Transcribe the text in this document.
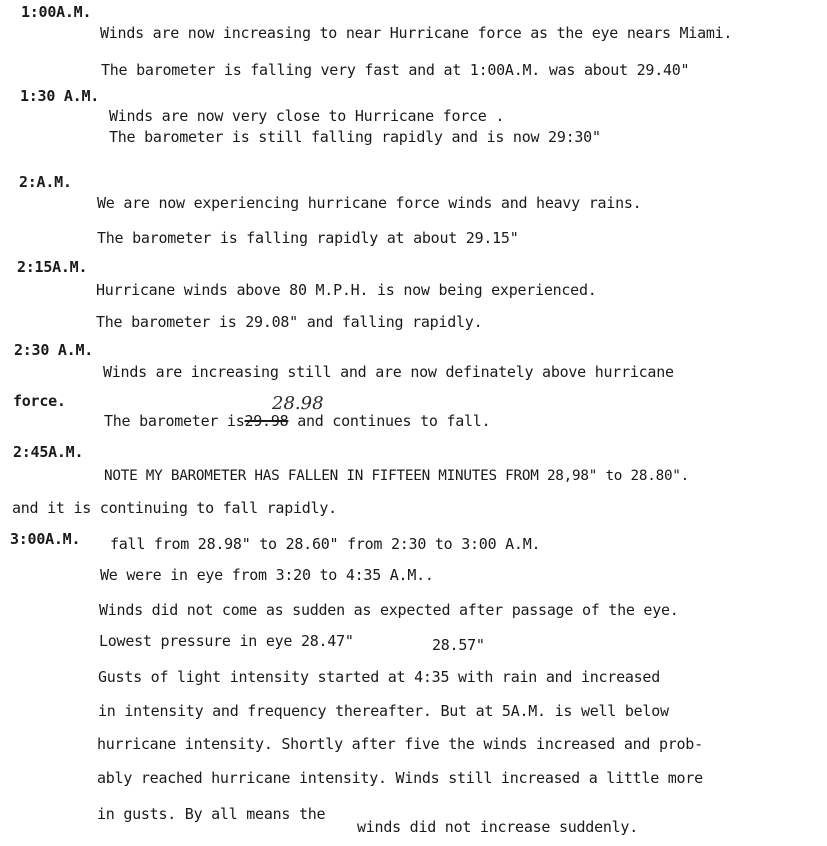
1:00A.M.
Winds are now increasing to near Hurricane force as the eye nears Miami.
The barometer is falling very fast and at 1:00A.M. was about 29.40"
1:30 A.M.
Winds are now very close to Hurricane force .
The barometer is still falling rapidly and is now 29:30"
2:A.M.
We are now experiencing hurricane force winds and heavy rains.
The barometer is falling rapidly at about 29.15"
2:15A.M.
Hurricane winds above 80 M.P.H. is now being experienced.
The barometer is 29.08" and falling rapidly.
2:30 A.M.
Winds are increasing still and are now definately above hurricane
force.
The barometer is29.98 and continues to fall.
28.98
2:45A.M.
NOTE MY BAROMETER HAS FALLEN IN FIFTEEN MINUTES FROM 28,98" to 28.80".
and it is continuing to fall rapidly.
3:00A.M. fall from 28.98" to 28.60" from 2:30 to 3:00 A.M.
We were in eye from 3:20 to 4:35 A.M..
Winds did not come as sudden as expected after passage of the eye.
Lowest pressure in eye 28.47"	28.57"
Gusts of light intensity started at 4:35 with rain and increased
in intensity and frequency thereafter. But at 5A.M. is well below
hurricane intensity. Shortly after five the winds increased and prob-
ably reached hurricane intensity. Winds still increased a little more
in gusts. By all means the
winds did not increase suddenly.
